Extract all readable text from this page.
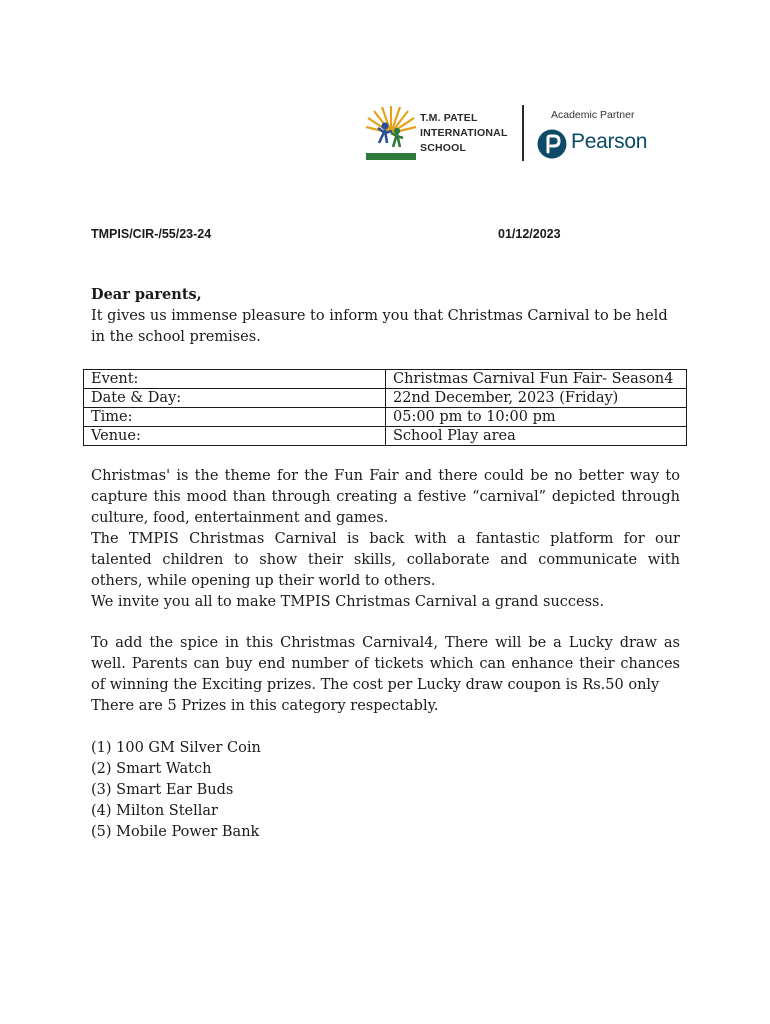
T.M. PATEL
INTERNATIONAL
SCHOOL
Academic Partner
Pearson
TMPIS/CIR-/55/23-24	01/12/2023
Dear parents,
It gives us immense pleasure to inform you that Christmas Carnival to be held in the school premises.
Event:	Christmas Carnival Fun Fair- Season4
Date & Day:	22nd December, 2023 (Friday)
Time:	05:00 pm to 10:00 pm
Venue:	School Play area
Christmas' is the theme for the Fun Fair and there could be no better way to capture this mood than through creating a festive “carnival” depicted through culture, food, entertainment and games.
The TMPIS Christmas Carnival is back with a fantastic platform for our talented children to show their skills, collaborate and communicate with others, while opening up their world to others.
We invite you all to make TMPIS Christmas Carnival a grand success.
To add the spice in this Christmas Carnival4, There will be a Lucky draw as well. Parents can buy end number of tickets which can enhance their chances of winning the Exciting prizes. The cost per Lucky draw coupon is Rs.50 only
There are 5 Prizes in this category respectably.
(1) 100 GM Silver Coin
(2) Smart Watch
(3) Smart Ear Buds
(4) Milton Stellar
(5) Mobile Power Bank
